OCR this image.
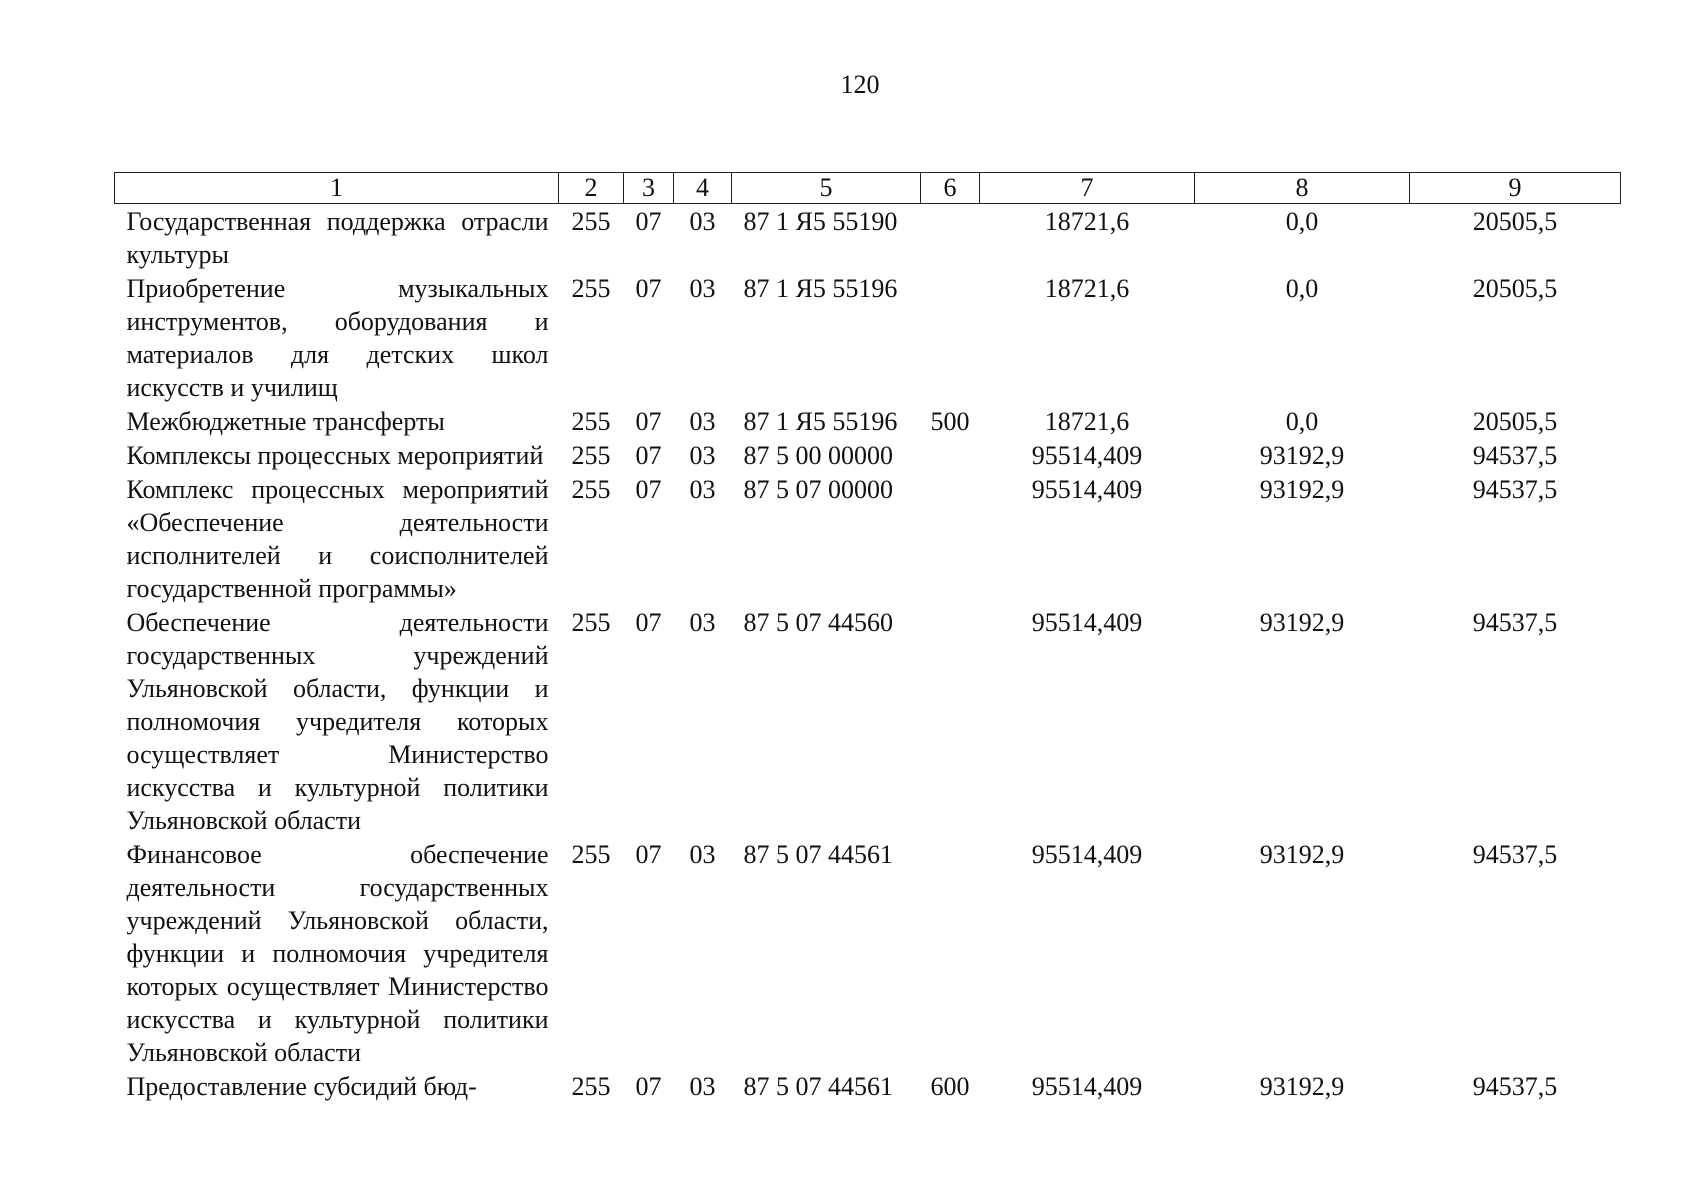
120
1	2	3	4	5	6	7	8	9
Государственная поддержка отрасли культуры	255	07	03	87 1 Я5 55190		18721,6	0,0	20505,5
Приобретение музыкальных инструментов, оборудования и материалов для детских школ искусств и училищ	255	07	03	87 1 Я5 55196		18721,6	0,0	20505,5
Межбюджетные трансферты	255	07	03	87 1 Я5 55196	500	18721,6	0,0	20505,5
Комплексы процессных мероприятий	255	07	03	87 5 00 00000		95514,409	93192,9	94537,5
Комплекс процессных мероприятий «Обеспечение деятельности исполнителей и соисполнителей государственной программы»	255	07	03	87 5 07 00000		95514,409	93192,9	94537,5
Обеспечение деятельности государственных учреждений Ульяновской области, функции и полномочия учредителя которых осуществляет Министерство искусства и культурной политики Ульяновской области	255	07	03	87 5 07 44560		95514,409	93192,9	94537,5
Финансовое обеспечение деятельности государственных учреждений Ульяновской области, функции и полномочия учредителя которых осуществляет Министерство искусства и культурной политики Ульяновской области	255	07	03	87 5 07 44561		95514,409	93192,9	94537,5
Предоставление субсидий бюд-	255	07	03	87 5 07 44561	600	95514,409	93192,9	94537,5
